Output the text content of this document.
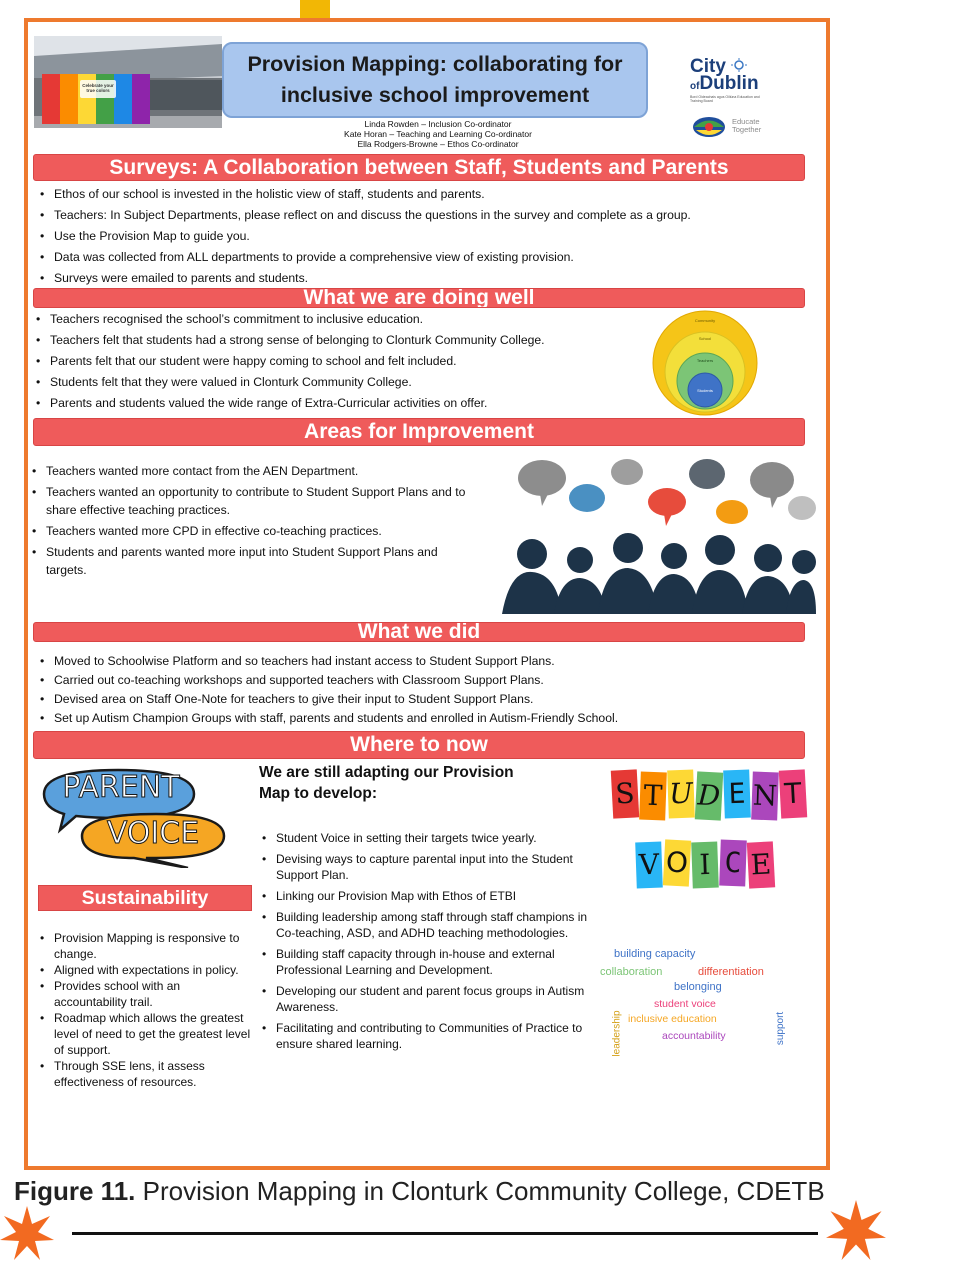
Celebrate your true colors
Provision Mapping: collaborating for
inclusive school improvement
Linda Rowden – Inclusion Co-ordinator
Kate Horan – Teaching and Learning Co-ordinator
Ella Rodgers-Browne – Ethos Co-ordinator
City
ofDublin
Bord Oideachais agus Oiliúna Education and Training Board
Educate
Together
Surveys: A Collaboration between Staff, Students and Parents
• Ethos of our school is invested in the holistic view of staff, students and parents.
• Teachers: In Subject Departments, please reflect on and discuss the questions in the survey and complete as a group.
• Use the Provision Map to guide you.
• Data was collected from ALL departments to provide a comprehensive view of existing provision.
• Surveys were emailed to parents and students.
What we are doing well
• Teachers recognised the school’s commitment to inclusive education.
• Teachers felt that students had a strong sense of belonging to Clonturk Community College.
• Parents felt that our student were happy coming to school and felt included.
• Students felt that they were valued in Clonturk Community College.
• Parents and students valued the wide range of Extra-Curricular activities on offer.
Community
School
Teachers
Students
Areas for Improvement
• Teachers wanted more contact from the AEN Department.
• Teachers wanted an opportunity to contribute to Student Support Plans and to share effective teaching practices.
• Teachers wanted more CPD in effective co-teaching practices.
• Students and parents wanted more input into Student Support Plans and targets.
What we did
• Moved to Schoolwise Platform and so teachers had instant access to Student Support Plans.
• Carried out co-teaching workshops and supported teachers with Classroom Support Plans.
• Devised area on Staff One-Note for teachers to give their input to Student Support Plans.
• Set up Autism Champion Groups with staff, parents and students and enrolled in Autism-Friendly School.
Where to now
PARENT
VOICE
Sustainability
• Provision Mapping is responsive to change.
• Aligned with expectations in policy.
• Provides school with an accountability trail.
• Roadmap which allows the greatest level of need to get the greatest level of support.
• Through SSE lens, it assess effectiveness of resources.
We are still adapting our Provision
Map to develop:
• Student Voice in setting their targets twice yearly.
• Devising ways to capture parental input into the Student Support Plan.
• Linking our Provision Map with Ethos of ETBI
• Building leadership among staff through staff champions in Co-teaching, ASD, and ADHD teaching methodologies.
• Building staff capacity through in-house and external Professional Learning and Development.
• Developing our student and parent focus groups in Autism Awareness.
• Facilitating and contributing to Communities of Practice to ensure shared learning.
S T U D E N T
V O I C E
building capacity
collaboration	differentiation
belonging
student voice
inclusive education
accountability
leadership	support
Figure 11. Provision Mapping in Clonturk Community College, CDETB
